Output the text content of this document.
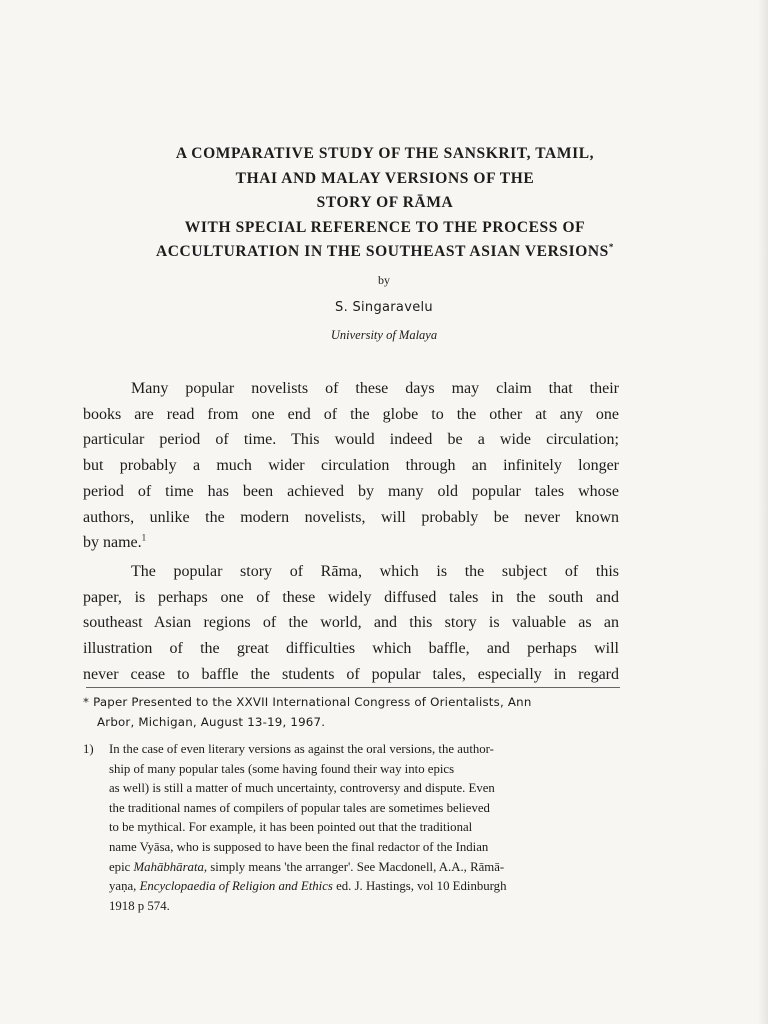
A COMPARATIVE STUDY OF THE SANSKRIT, TAMIL,
THAI AND MALAY VERSIONS OF THE
STORY OF RĀMA
WITH SPECIAL REFERENCE TO THE PROCESS OF
ACCULTURATION IN THE SOUTHEAST ASIAN VERSIONS*
by
S. Singaravelu
University of Malaya

Many popular novelists of these days may claim that their
books are read from one end of the globe to the other at any one
particular period of time. This would indeed be a wide circulation;
but probably a much wider circulation through an infinitely longer
period of time has been achieved by many old popular tales whose
authors, unlike the modern novelists, will probably be never known
by name.$^1$

The popular story of Rāma, which is the subject of this
paper, is perhaps one of these widely diffused tales in the south and
southeast Asian regions of the world, and this story is valuable as an
illustration of the great difficulties which baffle, and perhaps will
never cease to baffle the students of popular tales, especially in regard

* Paper Presented to the XXVII International Congress of Orientalists, Ann
Arbor, Michigan, August 13-19, 1967.
1) In the case of even literary versions as against the oral versions, the author-
ship of many popular tales (some having found their way into epics
as well) is still a matter of much uncertainty, controversy and dispute. Even
the traditional names of compilers of popular tales are sometimes believed
to be mythical. For example, it has been pointed out that the traditional
name Vyāsa, who is supposed to have been the final redactor of the Indian
epic Mahābhārata, simply means 'the arranger'. See Macdonell, A.A., Rāmā-
yaṇa, Encyclopaedia of Religion and Ethics ed. J. Hastings, vol 10 Edinburgh
1918 p 574.
